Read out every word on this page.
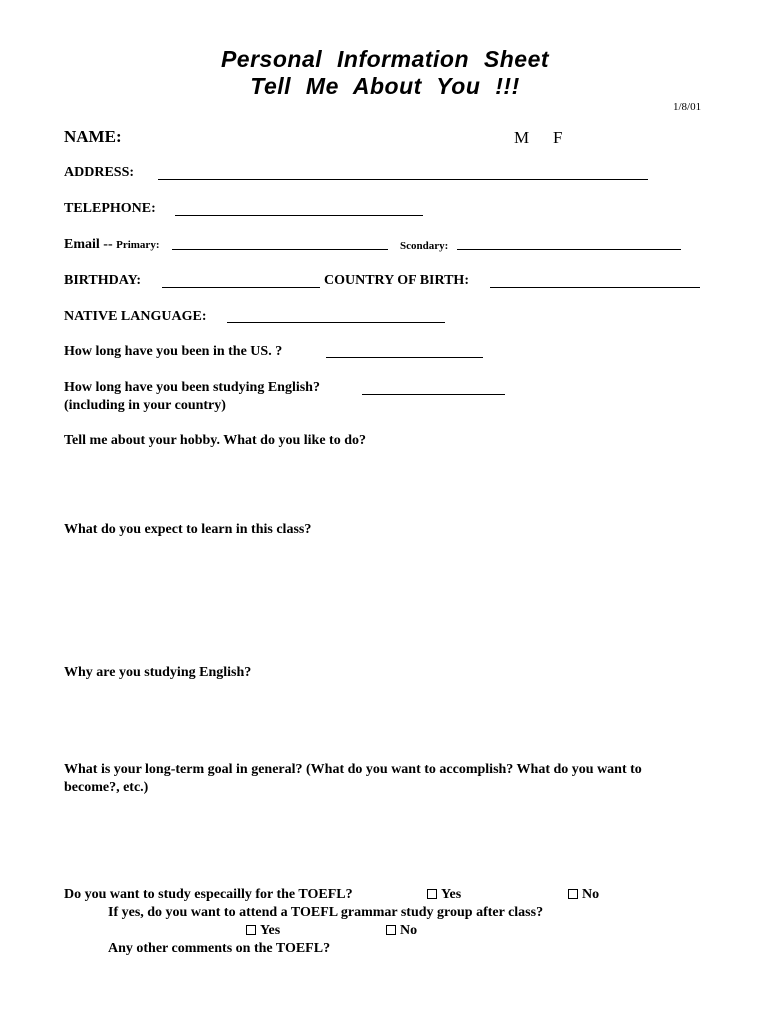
Personal Information Sheet
Tell Me About You !!!
1/8/01
NAME:	M F
ADDRESS:
TELEPHONE:
Email -- Primary:	Scondary:
BIRTHDAY:	COUNTRY OF BIRTH:
NATIVE LANGUAGE:
How long have you been in the US. ?
How long have you been studying English?
(including in your country)
Tell me about your hobby. What do you like to do?
What do you expect to learn in this class?
Why are you studying English?
What is your long-term goal in general? (What do you want to accomplish? What do you want to
become?, etc.)
Do you want to study especailly for the TOEFL?	Yes	No
If yes, do you want to attend a TOEFL grammar study group after class?
Yes	No
Any other comments on the TOEFL?
